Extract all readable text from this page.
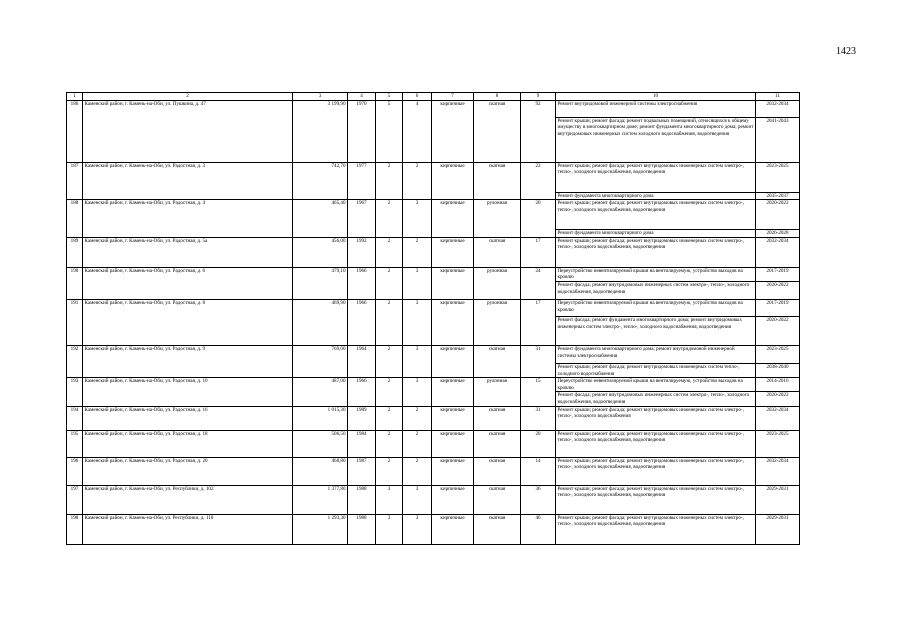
1423
1	2	3	4	5	6	7	8	9	10	11
186	Каменский район, г. Камень-на-Оби, ул. Пушкина, д. 47	3 199,90	1970	5	4	кирпичные	скатная	92	Ремонт внутридомовой инженерной системы электроснабжения	2032-2034
									Ремонт крыши; ремонт фасада; ремонт подвальных помещений, относящихся к общему имуществу в многоквартирном доме; ремонт фундамента многоквартирного дома; ремонт внутридомовых инженерных систем холодного водоснабжения, водоотведения	2041-2043
187	Каменский район, г. Камень-на-Оби, ул. Радостная, д. 3	742,70	1977	2	2	кирпичные	скатная	22	Ремонт крыши; ремонт фасада; ремонт внутридомовых инженерных систем электро-, тепло-, холодного водоснабжения, водоотведения	2023-2025
									Ремонт фундамента многоквартирного дома	2035-2037
188	Каменский район, г. Камень-на-Оби, ул. Радостная, д. 4	465,40	1967	2	3	кирпичные	рулонная	20	Ремонт крыши; ремонт фасада; ремонт внутридомовых инженерных систем электро-, тепло-, холодного водоснабжения, водоотведения	2020-2022
									Ремонт фундамента многоквартирного дома	2026-2028
189	Каменский район, г. Камень-на-Оби, ул. Радостная, д. 5а	456,00	1992	2	2	кирпичные	скатная	17	Ремонт крыши; ремонт фасада; ремонт внутридомовых инженерных систем электро-, тепло-, холодного водоснабжения, водоотведения	2032-2034
190	Каменский район, г. Камень-на-Оби, ул. Радостная, д. 6	479,10	1966	2	3	кирпичные	рулонная	24	Переустройство невентилируемой крыши на вентилируемую, устройство выходов на кровлю	2017-2019
									Ремонт фасада; ремонт внутридомовых инженерных систем электро-, тепло-, холодного водоснабжения, водоотведения	2020-2022
191	Каменский район, г. Камень-на-Оби, ул. Радостная, д. 8	469,90	1966	2	3	кирпичные	рулонная	17	Переустройство невентилируемой крыши на вентилируемую, устройство выходов на кровлю	2017-2019
									Ремонт фасада; ремонт фундамента многоквартирного дома; ремонт внутридомовых инженерных систем электро-, тепло-, холодного водоснабжения, водоотведения	2020-2022
192	Каменский район, г. Камень-на-Оби, ул. Радостная, д. 9	769,00	1964	2	3	кирпичные	скатная	31	Ремонт фундамента многоквартирного дома; ремонт внутридомовой инженерной системы электроснабжения	2023-2025
									Ремонт крыши; ремонт фасада; ремонт внутридомовых инженерных систем тепло-, холодного водоснабжения	2038-2040
193	Каменский район, г. Камень-на-Оби, ул. Радостная, д. 10	487,00	1966	2	3	кирпичные	рулонная	15	Переустройство невентилируемой крыши на вентилируемую, устройство выходов на кровлю	2014-2016
									Ремонт фасада; ремонт внутридомовых инженерных систем электро-, тепло-, холодного водоснабжения, водоотведения	2020-2022
194	Каменский район, г. Камень-на-Оби, ул. Радостная, д. 16	1 015,30	1989	2	2	кирпичные	скатная	31	Ремонт крыши; ремонт фасада; ремонт внутридомовых инженерных систем электро-, тепло-, холодного водоснабжения	2032-2034
195	Каменский район, г. Камень-на-Оби, ул. Радостная, д. 18	506,50	1984	2	2	кирпичные	скатная	20	Ремонт крыши; ремонт фасада; ремонт внутридомовых инженерных систем электро-, тепло-, холодного водоснабжения, водоотведения	2023-2025
196	Каменский район, г. Камень-на-Оби, ул. Радостная, д. 20	468,80	1987	2	2	кирпичные	скатная	14	Ремонт крыши; ремонт фасада; ремонт внутридомовых инженерных систем электро-, тепло-, холодного водоснабжения, водоотведения	2032-2034
197	Каменский район, г. Камень-на-Оби, ул. Республики, д. 102	1 377,80	1988	3	3	кирпичные	скатная	36	Ремонт крыши; ремонт фасада; ремонт внутридомовых инженерных систем электро-, тепло-, холодного водоснабжения, водоотведения	2029-2031
198	Каменский район, г. Камень-на-Оби, ул. Республики, д. 110	1 293,30	1988	3	3	кирпичные	скатная	46	Ремонт крыши; ремонт фасада; ремонт внутридомовых инженерных систем электро-, тепло-, холодного водоснабжения, водоотведения	2029-2031
